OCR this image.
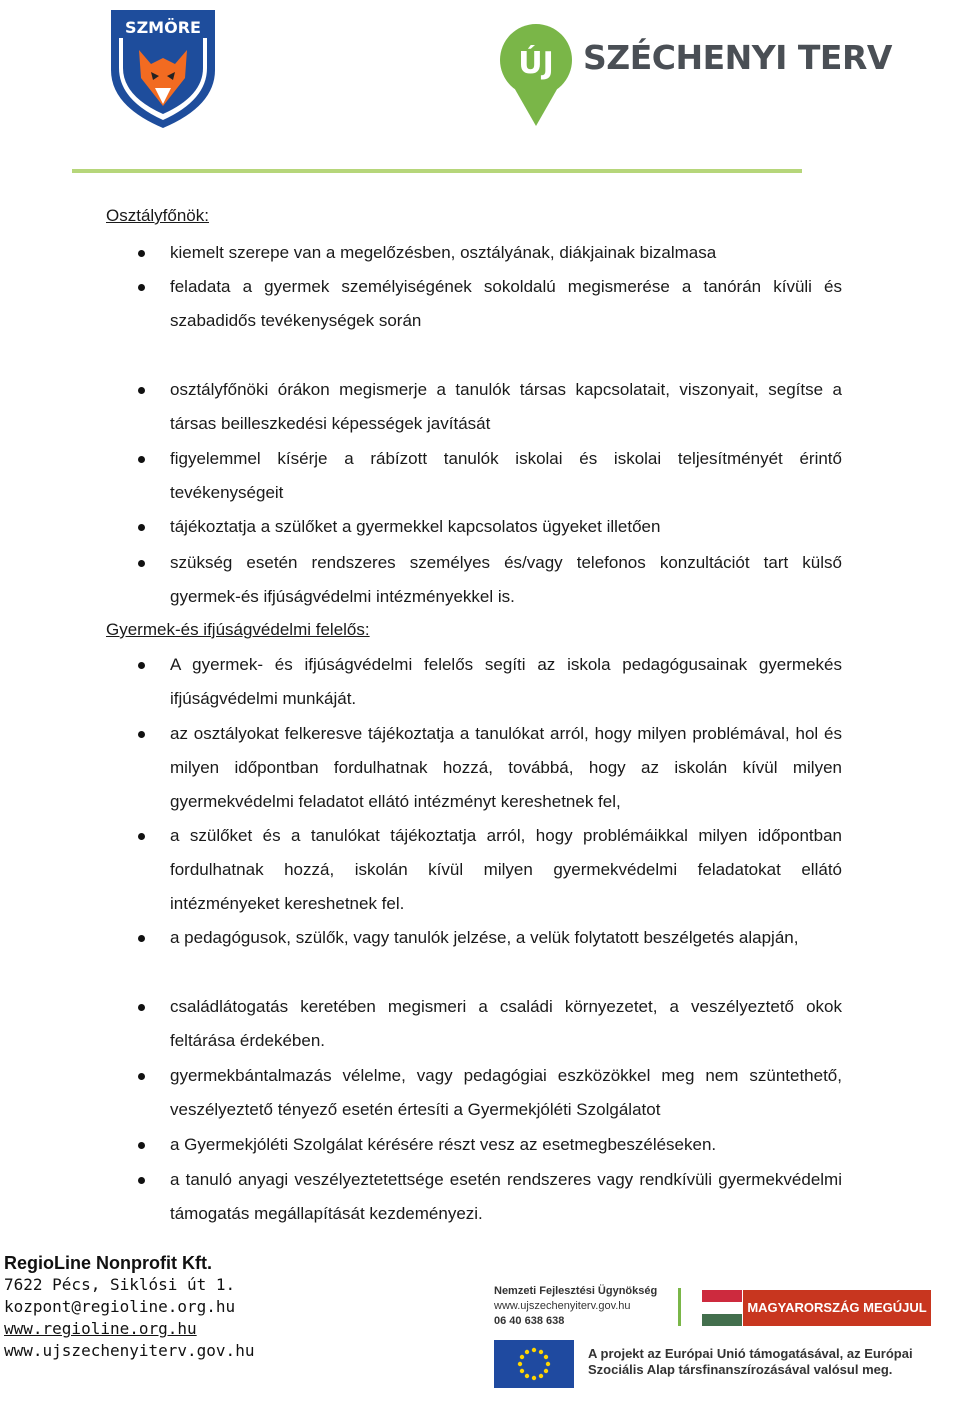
SZMÖRE
ÚJ SZÉCHENYI TERV
Osztályfőnök:
kiemelt szerepe van a megelőzésben, osztályának, diákjainak bizalmasa
feladata a gyermek személyiségének sokoldalú megismerése a tanórán kívüli és szabadidős tevékenységek során
osztályfőnöki órákon megismerje a tanulók társas kapcsolatait, viszonyait, segítse a társas beilleszkedési képességek javítását
figyelemmel kísérje a rábízott tanulók iskolai és iskolai teljesítményét érintő tevékenységeit
tájékoztatja a szülőket a gyermekkel kapcsolatos ügyeket illetően
szükség esetén rendszeres személyes és/vagy telefonos konzultációt tart külső gyermek-és ifjúságvédelmi intézményekkel is.
Gyermek-és ifjúságvédelmi felelős:
A gyermek- és ifjúságvédelmi felelős segíti az iskola pedagógusainak gyermekés ifjúságvédelmi munkáját.
az osztályokat felkeresve tájékoztatja a tanulókat arról, hogy milyen problémával, hol és milyen időpontban fordulhatnak hozzá, továbbá, hogy az iskolán kívül milyen gyermekvédelmi feladatot ellátó intézményt kereshetnek fel,
a szülőket és a tanulókat tájékoztatja arról, hogy problémáikkal milyen időpontban fordulhatnak hozzá, iskolán kívül milyen gyermekvédelmi feladatokat ellátó intézményeket kereshetnek fel.
a pedagógusok, szülők, vagy tanulók jelzése, a velük folytatott beszélgetés alapján,
családlátogatás keretében megismeri a családi környezetet, a veszélyeztető okok feltárása érdekében.
gyermekbántalmazás vélelme, vagy pedagógiai eszközökkel meg nem szüntethető, veszélyeztető tényező esetén értesíti a Gyermekjóléti Szolgálatot
a Gyermekjóléti Szolgálat kérésére részt vesz az esetmegbeszéléseken.
a tanuló anyagi veszélyeztetettsége esetén rendszeres vagy rendkívüli gyermekvédelmi támogatás megállapítását kezdeményezi.
RegioLine Nonprofit Kft.
7622 Pécs, Siklósi út 1.
kozpont@regioline.org.hu
www.regioline.org.hu
www.ujszechenyiterv.gov.hu
Nemzeti Fejlesztési Ügynökség
www.ujszechenyiterv.gov.hu
06 40 638 638
MAGYARORSZÁG MEGÚJUL
A projekt az Európai Unió támogatásával, az Európai Szociális Alap társfinanszírozásával valósul meg.
